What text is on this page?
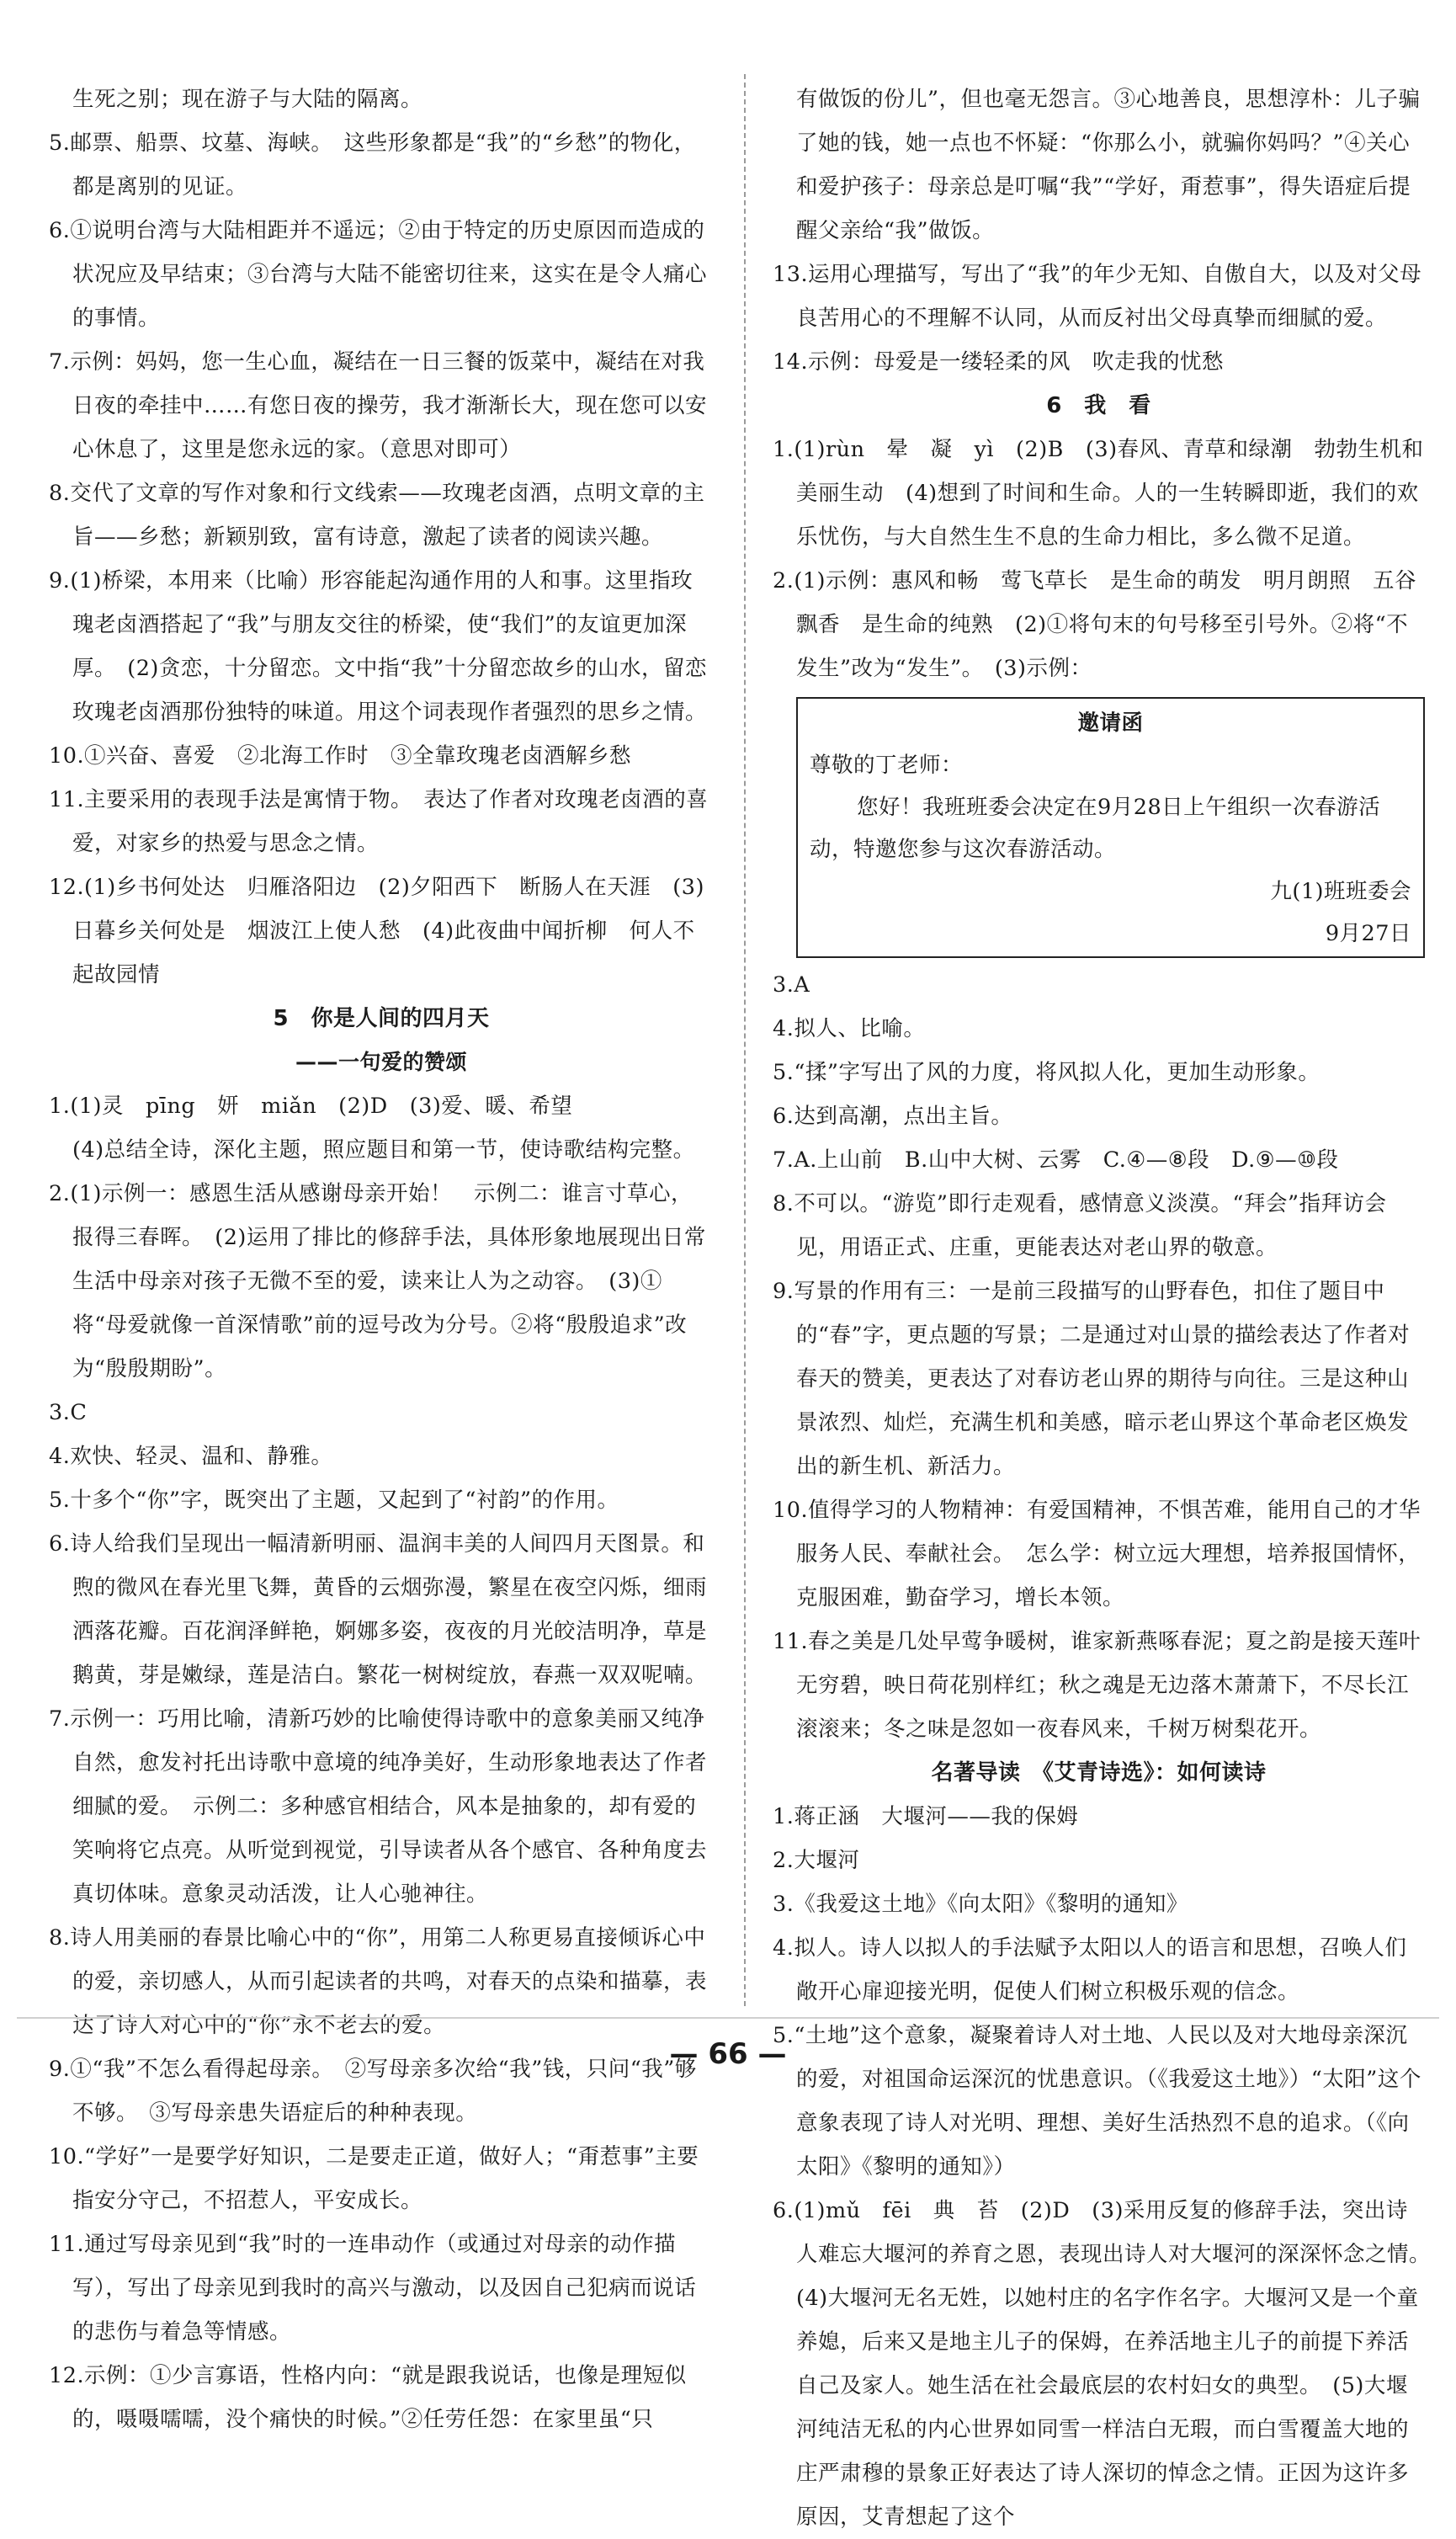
生死之别；现在游子与大陆的隔离。

5.邮票、船票、坟墓、海峡。　这些形象都是“我”的“乡愁”的物化，都是离别的见证。

6.①说明台湾与大陆相距并不遥远；②由于特定的历史原因而造成的状况应及早结束；③台湾与大陆不能密切往来，这实在是令人痛心的事情。

7.示例：妈妈，您一生心血，凝结在一日三餐的饭菜中，凝结在对我日夜的牵挂中……有您日夜的操劳，我才渐渐长大，现在您可以安心休息了，这里是您永远的家。（意思对即可）

8.交代了文章的写作对象和行文线索——玫瑰老卤酒，点明文章的主旨——乡愁；新颖别致，富有诗意，激起了读者的阅读兴趣。

9.(1)桥梁，本用来（比喻）形容能起沟通作用的人和事。这里指玫瑰老卤酒搭起了“我”与朋友交往的桥梁，使“我们”的友谊更加深厚。　(2)贪恋，十分留恋。文中指“我”十分留恋故乡的山水，留恋玫瑰老卤酒那份独特的味道。用这个词表现作者强烈的思乡之情。

10.①兴奋、喜爱　②北海工作时　③全靠玫瑰老卤酒解乡愁

11.主要采用的表现手法是寓情于物。　表达了作者对玫瑰老卤酒的喜爱，对家乡的热爱与思念之情。

12.(1)乡书何处达　归雁洛阳边　(2)夕阳西下　断肠人在天涯　(3)日暮乡关何处是　烟波江上使人愁　(4)此夜曲中闻折柳　何人不起故园情

5　你是人间的四月天

——一句爱的赞颂

1.(1)灵　pīng　妍　miǎn　(2)D　(3)爱、暖、希望

(4)总结全诗，深化主题，照应题目和第一节，使诗歌结构完整。

2.(1)示例一：感恩生活从感谢母亲开始！　示例二：谁言寸草心，报得三春晖。　(2)运用了排比的修辞手法，具体形象地展现出日常生活中母亲对孩子无微不至的爱，读来让人为之动容。　(3)①将“母爱就像一首深情歌”前的逗号改为分号。②将“殷殷追求”改为“殷殷期盼”。

3.C

4.欢快、轻灵、温和、静雅。

5.十多个“你”字，既突出了主题，又起到了“衬韵”的作用。

6.诗人给我们呈现出一幅清新明丽、温润丰美的人间四月天图景。和煦的微风在春光里飞舞，黄昏的云烟弥漫，繁星在夜空闪烁，细雨洒落花瓣。百花润泽鲜艳，婀娜多姿，夜夜的月光皎洁明净，草是鹅黄，芽是嫩绿，莲是洁白。繁花一树树绽放，春燕一双双呢喃。

7.示例一：巧用比喻，清新巧妙的比喻使得诗歌中的意象美丽又纯净自然，愈发衬托出诗歌中意境的纯净美好，生动形象地表达了作者细腻的爱。　示例二：多种感官相结合，风本是抽象的，却有爱的笑响将它点亮。从听觉到视觉，引导读者从各个感官、各种角度去真切体味。意象灵动活泼，让人心驰神往。

8.诗人用美丽的春景比喻心中的“你”，用第二人称更易直接倾诉心中的爱，亲切感人，从而引起读者的共鸣，对春天的点染和描摹，表达了诗人对心中的“你”永不老去的爱。

9.①“我”不怎么看得起母亲。　②写母亲多次给“我”钱，只问“我”够不够。　③写母亲患失语症后的种种表现。

10.“学好”一是要学好知识，二是要走正道，做好人；“甭惹事”主要指安分守己，不招惹人，平安成长。

11.通过写母亲见到“我”时的一连串动作（或通过对母亲的动作描写），写出了母亲见到我时的高兴与激动，以及因自己犯病而说话的悲伤与着急等情感。

12.示例：①少言寡语，性格内向：“就是跟我说话，也像是理短似的，嗫嗫嚅嚅，没个痛快的时候。”②任劳任怨：在家里虽“只

有做饭的份儿”，但也毫无怨言。③心地善良，思想淳朴：儿子骗了她的钱，她一点也不怀疑：“你那么小，就骗你妈吗？”④关心和爱护孩子：母亲总是叮嘱“我”“学好，甭惹事”，得失语症后提醒父亲给“我”做饭。

13.运用心理描写，写出了“我”的年少无知、自傲自大，以及对父母良苦用心的不理解不认同，从而反衬出父母真挚而细腻的爱。

14.示例：母爱是一缕轻柔的风　吹走我的忧愁

6　我　看

1.(1)rùn　晕　凝　yì　(2)B　(3)春风、青草和绿潮　勃勃生机和美丽生动　(4)想到了时间和生命。人的一生转瞬即逝，我们的欢乐忧伤，与大自然生生不息的生命力相比，多么微不足道。

2.(1)示例：惠风和畅　莺飞草长　是生命的萌发　明月朗照　五谷飘香　是生命的纯熟　(2)①将句末的句号移至引号外。②将“不发生”改为“发生”。　(3)示例：

邀请函

尊敬的丁老师：

您好！我班班委会决定在9月28日上午组织一次春游活动，特邀您参与这次春游活动。

九(1)班班委会

9月27日

3.A

4.拟人、比喻。

5.“揉”字写出了风的力度，将风拟人化，更加生动形象。

6.达到高潮，点出主旨。

7.A.上山前　B.山中大树、云雾　C.④—⑧段　D.⑨—⑩段

8.不可以。“游览”即行走观看，感情意义淡漠。“拜会”指拜访会见，用语正式、庄重，更能表达对老山界的敬意。

9.写景的作用有三：一是前三段描写的山野春色，扣住了题目中的“春”字，更点题的写景；二是通过对山景的描绘表达了作者对春天的赞美，更表达了对春访老山界的期待与向往。三是这种山景浓烈、灿烂，充满生机和美感，暗示老山界这个革命老区焕发出的新生机、新活力。

10.值得学习的人物精神：有爱国精神，不惧苦难，能用自己的才华服务人民、奉献社会。　怎么学：树立远大理想，培养报国情怀，克服困难，勤奋学习，增长本领。

11.春之美是几处早莺争暖树，谁家新燕啄春泥；夏之韵是接天莲叶无穷碧，映日荷花别样红；秋之魂是无边落木萧萧下，不尽长江滚滚来；冬之味是忽如一夜春风来，千树万树梨花开。

名著导读　《艾青诗选》：如何读诗

1.蒋正涵　大堰河——我的保姆

2.大堰河

3.《我爱这土地》《向太阳》《黎明的通知》

4.拟人。诗人以拟人的手法赋予太阳以人的语言和思想，召唤人们敞开心扉迎接光明，促使人们树立积极乐观的信念。

5.“土地”这个意象，凝聚着诗人对土地、人民以及对大地母亲深沉的爱，对祖国命运深沉的忧患意识。（《我爱这土地》）“太阳”这个意象表现了诗人对光明、理想、美好生活热烈不息的追求。（《向太阳》《黎明的通知》）

6.(1)mǔ　fēi　典　苔　(2)D　(3)采用反复的修辞手法，突出诗人难忘大堰河的养育之恩，表现出诗人对大堰河的深深怀念之情。　(4)大堰河无名无姓，以她村庄的名字作名字。大堰河又是一个童养媳，后来又是地主儿子的保姆，在养活地主儿子的前提下养活自己及家人。她生活在社会最底层的农村妇女的典型。　(5)大堰河纯洁无私的内心世界如同雪一样洁白无瑕，而白雪覆盖大地的庄严肃穆的景象正好表达了诗人深切的悼念之情。正因为这许多原因，艾青想起了这个

— 66 —
